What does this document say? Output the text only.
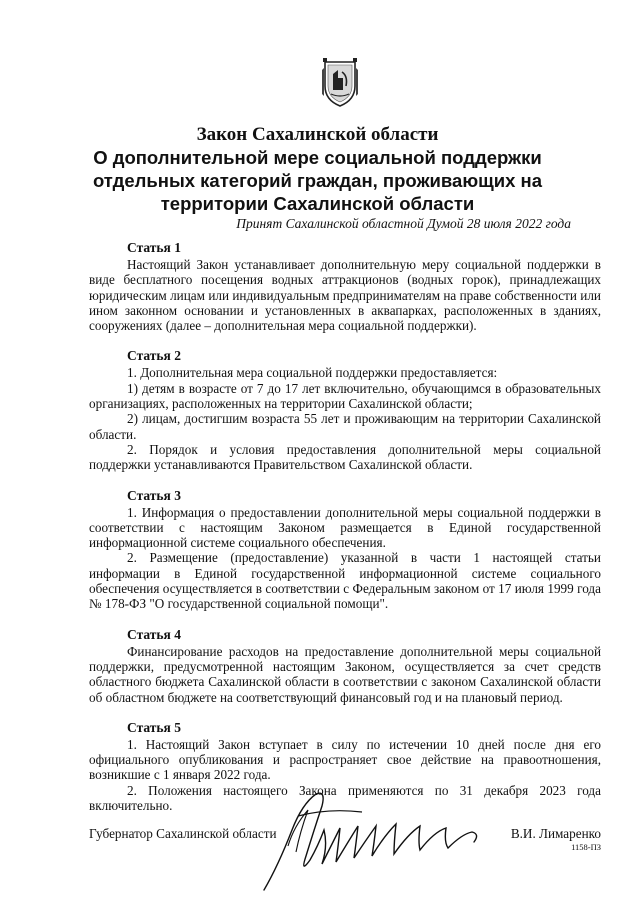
Закон Сахалинской области
О дополнительной мере социальной поддержки
отдельных категорий граждан, проживающих на
территории Сахалинской области
Принят Сахалинской областной Думой 28 июля 2022 года
Статья 1

Настоящий Закон устанавливает дополнительную меру социальной поддержки в виде бесплатного посещения водных аттракционов (водных горок), принадлежащих юридическим лицам или индивидуальным предпринимателям на праве собственности или ином законном основании и установленных в аквапарках, расположенных в зданиях, сооружениях (далее – дополнительная мера социальной поддержки).

Статья 2

1. Дополнительная мера социальной поддержки предоставляется:

1) детям в возрасте от 7 до 17 лет включительно, обучающимся в образовательных организациях, расположенных на территории Сахалинской области;

2) лицам, достигшим возраста 55 лет и проживающим на территории Сахалинской области.

2. Порядок и условия предоставления дополнительной меры социальной поддержки устанавливаются Правительством Сахалинской области.

Статья 3

1. Информация о предоставлении дополнительной меры социальной поддержки в соответствии с настоящим Законом размещается в Единой государственной информационной системе социального обеспечения.

2. Размещение (предоставление) указанной в части 1 настоящей статьи информации в Единой государственной информационной системе социального обеспечения осуществляется в соответствии с Федеральным законом от 17 июля 1999 года № 178-ФЗ "О государственной социальной помощи".

Статья 4

Финансирование расходов на предоставление дополнительной меры социальной поддержки, предусмотренной настоящим Законом, осуществляется за счет средств областного бюджета Сахалинской области в соответствии с законом Сахалинской области об областном бюджете на соответствующий финансовый год и на плановый период.

Статья 5

1. Настоящий Закон вступает в силу по истечении 10 дней после дня его официального опубликования и распространяет свое действие на правоотношения, возникшие с 1 января 2022 года.

2. Положения настоящего Закона применяются по 31 декабря 2023 года включительно.

Губернатор Сахалинской области	В.И. Лимаренко
1158-ПЗ
